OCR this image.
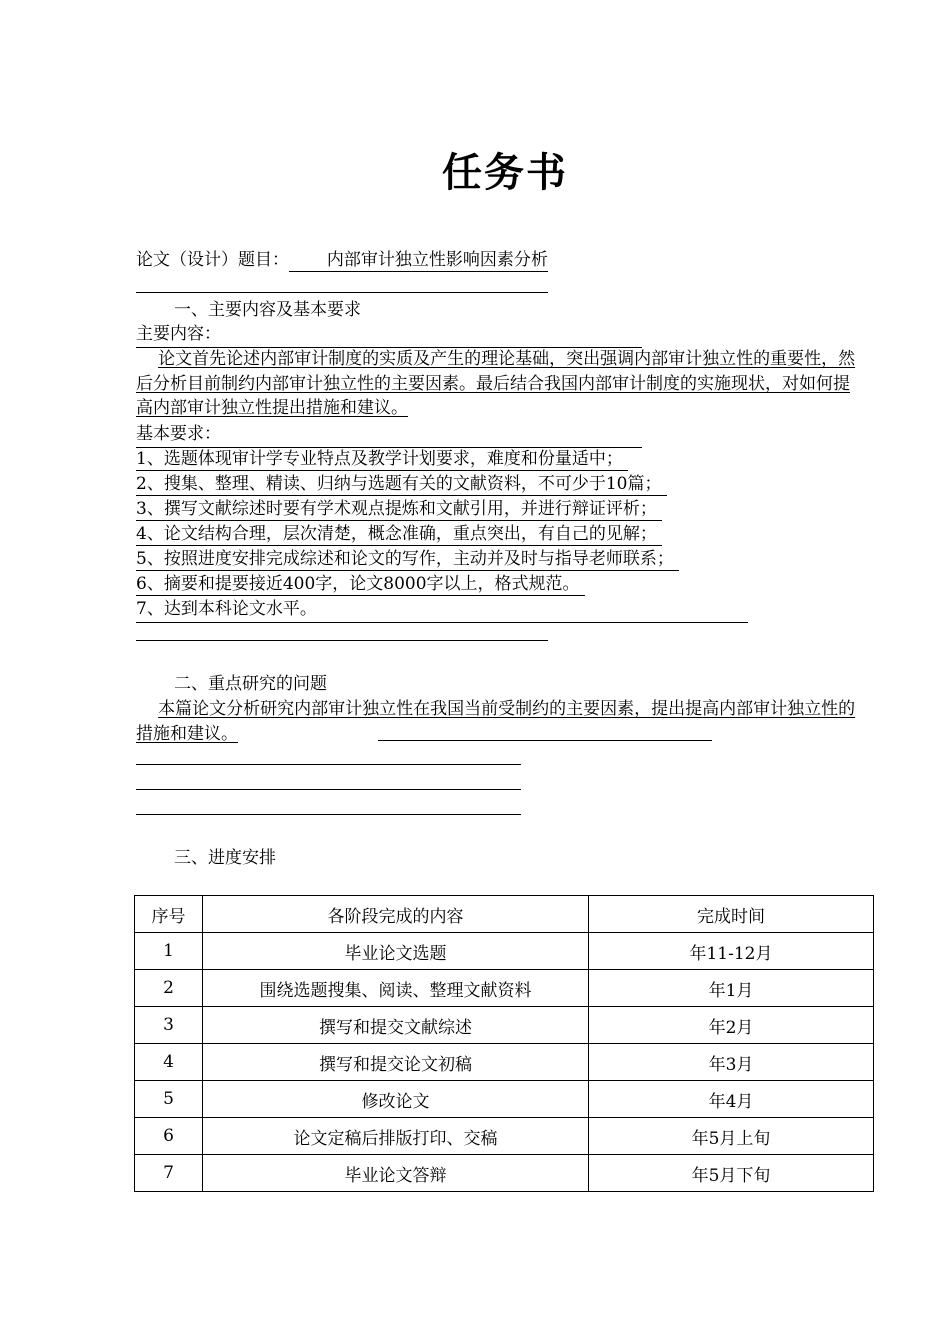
任务书
论文（设计）题目： 内部审计独立性影响因素分析
一、主要内容及基本要求
主要内容：
论文首先论述内部审计制度的实质及产生的理论基础，突出强调内部审计独立性的重要性，然后分析目前制约内部审计独立性的主要因素。最后结合我国内部审计制度的实施现状，对如何提高内部审计独立性提出措施和建议。
基本要求：
1、选题体现审计学专业特点及教学计划要求，难度和份量适中；
2、搜集、整理、精读、归纳与选题有关的文献资料，不可少于10篇；
3、撰写文献综述时要有学术观点提炼和文献引用，并进行辩证评析；
4、论文结构合理，层次清楚，概念准确，重点突出，有自己的见解；
5、按照进度安排完成综述和论文的写作，主动并及时与指导老师联系；
6、摘要和提要接近400字，论文8000字以上，格式规范。
7、达到本科论文水平。
二、重点研究的问题
本篇论文分析研究内部审计独立性在我国当前受制约的主要因素，提出提高内部审计独立性的措施和建议。
三、进度安排
序号	各阶段完成的内容	完成时间
1	毕业论文选题	年11-12月
2	围绕选题搜集、阅读、整理文献资料	年1月
3	撰写和提交文献综述	年2月
4	撰写和提交论文初稿	年3月
5	修改论文	年4月
6	论文定稿后排版打印、交稿	年5月上旬
7	毕业论文答辩	年5月下旬
